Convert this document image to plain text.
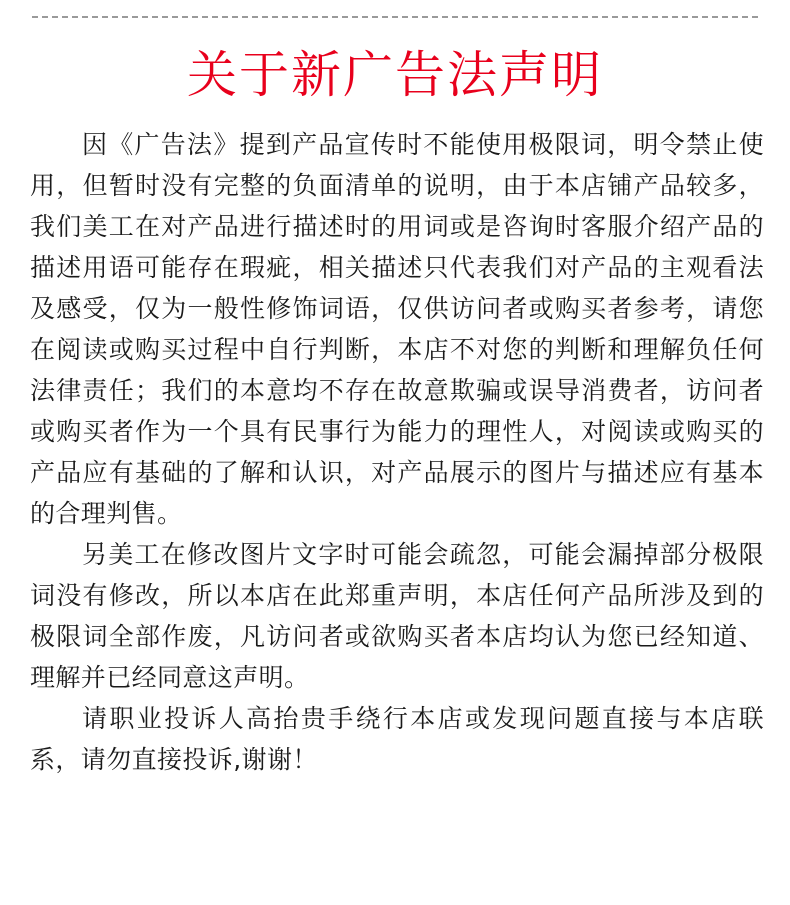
关于新广告法声明

因《广告法》提到产品宣传时不能使用极限词，明令禁止使用，但暂时没有完整的负面清单的说明，由于本店铺产品较多，我们美工在对产品进行描述时的用词或是咨询时客服介绍产品的描述用语可能存在瑕疵，相关描述只代表我们对产品的主观看法及感受，仅为一般性修饰词语，仅供访问者或购买者参考，请您在阅读或购买过程中自行判断，本店不对您的判断和理解负任何法律责任；我们的本意均不存在故意欺骗或误导消费者，访问者或购买者作为一个具有民事行为能力的理性人，对阅读或购买的产品应有基础的了解和认识，对产品展示的图片与描述应有基本的合理判售。

另美工在修改图片文字时可能会疏忽，可能会漏掉部分极限词没有修改，所以本店在此郑重声明，本店任何产品所涉及到的极限词全部作废，凡访问者或欲购买者本店均认为您已经知道、理解并已经同意这声明。

请职业投诉人高抬贵手绕行本店或发现问题直接与本店联系，请勿直接投诉,谢谢！
